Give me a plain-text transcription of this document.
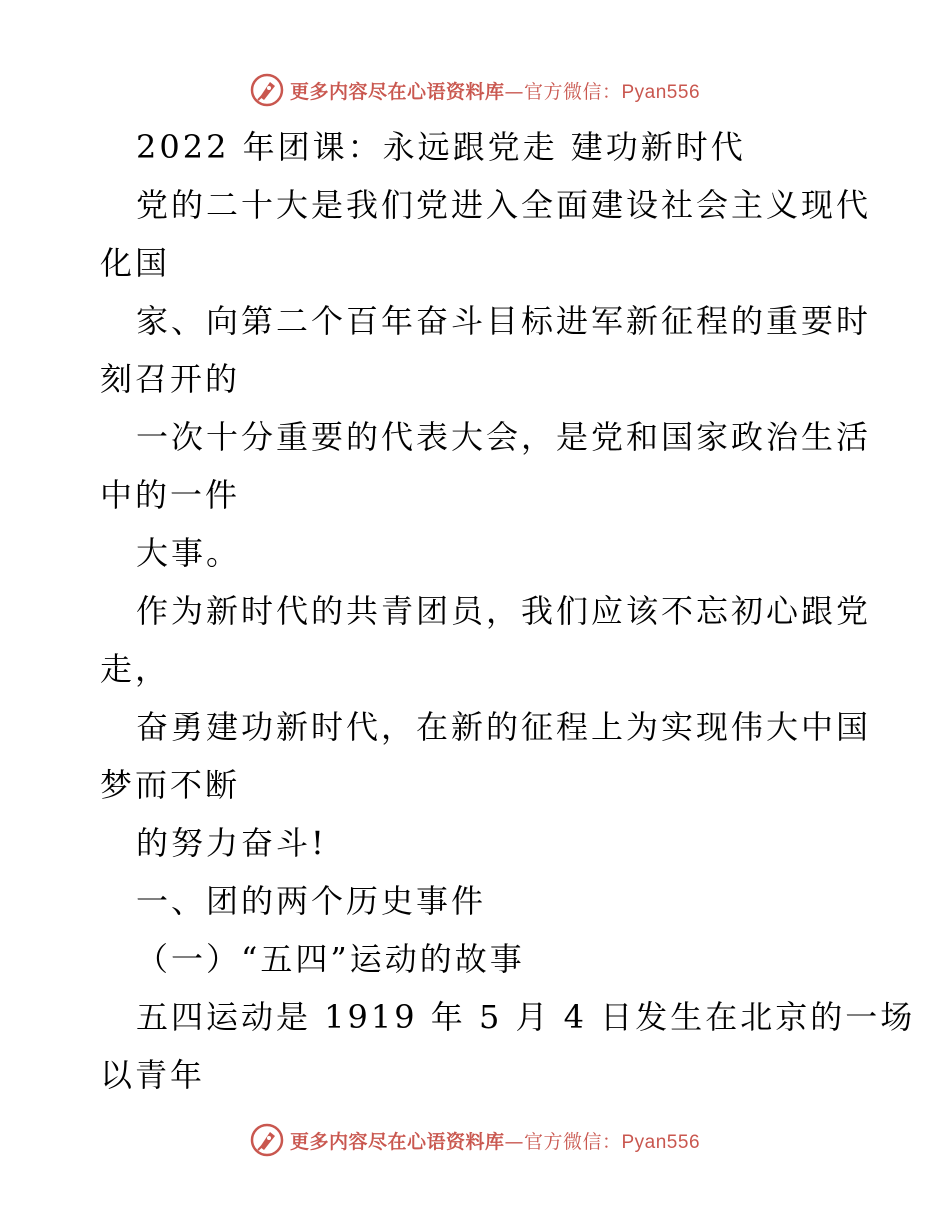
更多内容尽在心语资料库—官方微信：Pyan556
2022 年团课：永远跟党走 建功新时代
党的二十大是我们党进入全面建设社会主义现代
化国
家、向第二个百年奋斗目标进军新征程的重要时
刻召开的
一次十分重要的代表大会，是党和国家政治生活
中的一件
大事。
作为新时代的共青团员，我们应该不忘初心跟党
走，
奋勇建功新时代，在新的征程上为实现伟大中国
梦而不断
的努力奋斗!
一、团的两个历史事件
（一）“五四”运动的故事
五四运动是 1919 年 5 月 4 日发生在北京的一场
以青年
更多内容尽在心语资料库—官方微信：Pyan556
